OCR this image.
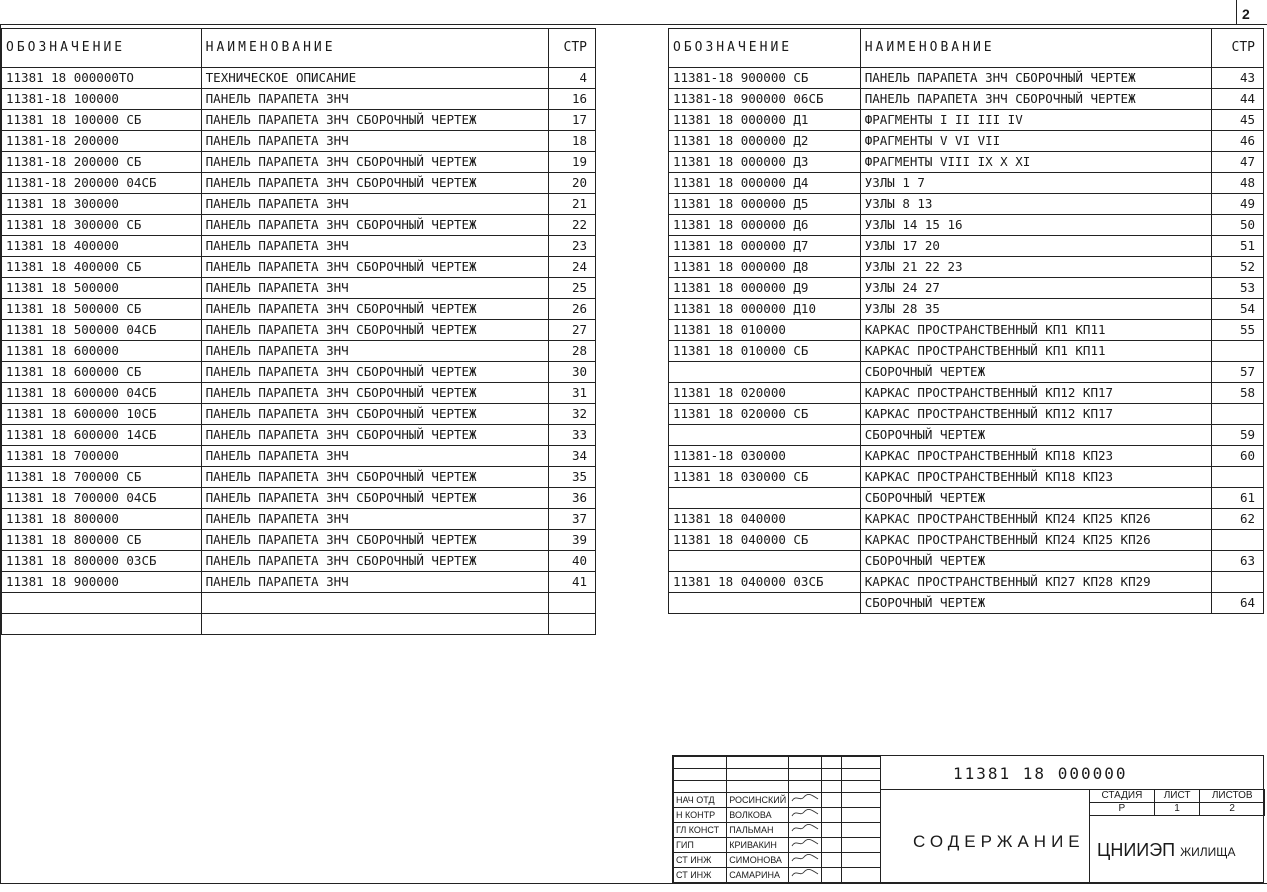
2
ОБОЗНАЧЕНИЕ	НАИМЕНОВАНИЕ	СТР
11381 18 000000ТО	ТЕХНИЧЕСКОЕ ОПИСАНИЕ	4
11381-18 100000	ПАНЕЛЬ ПАРАПЕТА 3НЧ	16
11381 18 100000 СБ	ПАНЕЛЬ ПАРАПЕТА 3НЧ СБОРОЧНЫЙ ЧЕРТЕЖ	17
11381-18 200000	ПАНЕЛЬ ПАРАПЕТА 3НЧ	18
11381-18 200000 СБ	ПАНЕЛЬ ПАРАПЕТА 3НЧ СБОРОЧНЫЙ ЧЕРТЕЖ	19
11381-18 200000 04СБ	ПАНЕЛЬ ПАРАПЕТА 3НЧ СБОРОЧНЫЙ ЧЕРТЕЖ	20
11381 18 300000	ПАНЕЛЬ ПАРАПЕТА 3НЧ	21
11381 18 300000 СБ	ПАНЕЛЬ ПАРАПЕТА 3НЧ СБОРОЧНЫЙ ЧЕРТЕЖ	22
11381 18 400000	ПАНЕЛЬ ПАРАПЕТА 3НЧ	23
11381 18 400000 СБ	ПАНЕЛЬ ПАРАПЕТА 3НЧ СБОРОЧНЫЙ ЧЕРТЕЖ	24
11381 18 500000	ПАНЕЛЬ ПАРАПЕТА 3НЧ	25
11381 18 500000 СБ	ПАНЕЛЬ ПАРАПЕТА 3НЧ СБОРОЧНЫЙ ЧЕРТЕЖ	26
11381 18 500000 04СБ	ПАНЕЛЬ ПАРАПЕТА 3НЧ СБОРОЧНЫЙ ЧЕРТЕЖ	27
11381 18 600000	ПАНЕЛЬ ПАРАПЕТА 3НЧ	28
11381 18 600000 СБ	ПАНЕЛЬ ПАРАПЕТА 3НЧ СБОРОЧНЫЙ ЧЕРТЕЖ	30
11381 18 600000 04СБ	ПАНЕЛЬ ПАРАПЕТА 3НЧ СБОРОЧНЫЙ ЧЕРТЕЖ	31
11381 18 600000 10СБ	ПАНЕЛЬ ПАРАПЕТА 3НЧ СБОРОЧНЫЙ ЧЕРТЕЖ	32
11381 18 600000 14СБ	ПАНЕЛЬ ПАРАПЕТА 3НЧ СБОРОЧНЫЙ ЧЕРТЕЖ	33
11381 18 700000	ПАНЕЛЬ ПАРАПЕТА 3НЧ	34
11381 18 700000 СБ	ПАНЕЛЬ ПАРАПЕТА 3НЧ СБОРОЧНЫЙ ЧЕРТЕЖ	35
11381 18 700000 04СБ	ПАНЕЛЬ ПАРАПЕТА 3НЧ СБОРОЧНЫЙ ЧЕРТЕЖ	36
11381 18 800000	ПАНЕЛЬ ПАРАПЕТА 3НЧ	37
11381 18 800000 СБ	ПАНЕЛЬ ПАРАПЕТА 3НЧ СБОРОЧНЫЙ ЧЕРТЕЖ	39
11381 18 800000 03СБ	ПАНЕЛЬ ПАРАПЕТА 3НЧ СБОРОЧНЫЙ ЧЕРТЕЖ	40
11381 18 900000	ПАНЕЛЬ ПАРАПЕТА 3НЧ	41

ОБОЗНАЧЕНИЕ	НАИМЕНОВАНИЕ	СТР
11381-18 900000 СБ	ПАНЕЛЬ ПАРАПЕТА 3НЧ СБОРОЧНЫЙ ЧЕРТЕЖ	43
11381-18 900000 06СБ	ПАНЕЛЬ ПАРАПЕТА 3НЧ СБОРОЧНЫЙ ЧЕРТЕЖ	44
11381 18 000000 Д1	ФРАГМЕНТЫ I II III IV	45
11381 18 000000 Д2	ФРАГМЕНТЫ V VI VII	46
11381 18 000000 Д3	ФРАГМЕНТЫ VIII IX X XI	47
11381 18 000000 Д4	УЗЛЫ 1 7	48
11381 18 000000 Д5	УЗЛЫ 8 13	49
11381 18 000000 Д6	УЗЛЫ 14 15 16	50
11381 18 000000 Д7	УЗЛЫ 17 20	51
11381 18 000000 Д8	УЗЛЫ 21 22 23	52
11381 18 000000 Д9	УЗЛЫ 24 27	53
11381 18 000000 Д10	УЗЛЫ 28 35	54
11381 18 010000	КАРКАС ПРОСТРАНСТВЕННЫЙ КП1 КП11	55
11381 18 010000 СБ	КАРКАС ПРОСТРАНСТВЕННЫЙ КП1 КП11	
	СБОРОЧНЫЙ ЧЕРТЕЖ	57
11381 18 020000	КАРКАС ПРОСТРАНСТВЕННЫЙ КП12 КП17	58
11381 18 020000 СБ	КАРКАС ПРОСТРАНСТВЕННЫЙ КП12 КП17	
	СБОРОЧНЫЙ ЧЕРТЕЖ	59
11381-18 030000	КАРКАС ПРОСТРАНСТВЕННЫЙ КП18 КП23	60
11381 18 030000 СБ	КАРКАС ПРОСТРАНСТВЕННЫЙ КП18 КП23	
	СБОРОЧНЫЙ ЧЕРТЕЖ	61
11381 18 040000	КАРКАС ПРОСТРАНСТВЕННЫЙ КП24 КП25 КП26	62
11381 18 040000 СБ	КАРКАС ПРОСТРАНСТВЕННЫЙ КП24 КП25 КП26	
	СБОРОЧНЫЙ ЧЕРТЕЖ	63
11381 18 040000 03СБ	КАРКАС ПРОСТРАНСТВЕННЫЙ КП27 КП28 КП29	
	СБОРОЧНЫЙ ЧЕРТЕЖ	64

НАЧ ОТД	РОСИНСКИЙ			
Н КОНТР	ВОЛКОВА			
ГЛ КОНСТ	ПАЛЬМАН			
ГИП	КРИВАКИН			
СТ ИНЖ	СИМОНОВА			
СТ ИНЖ	САМАРИНА			
11381 18 000000
СОДЕРЖАНИЕ
СТАДИЯ	ЛИСТ	ЛИСТОВ
Р	1	2
ЦНИИЭП ЖИЛИЩА
